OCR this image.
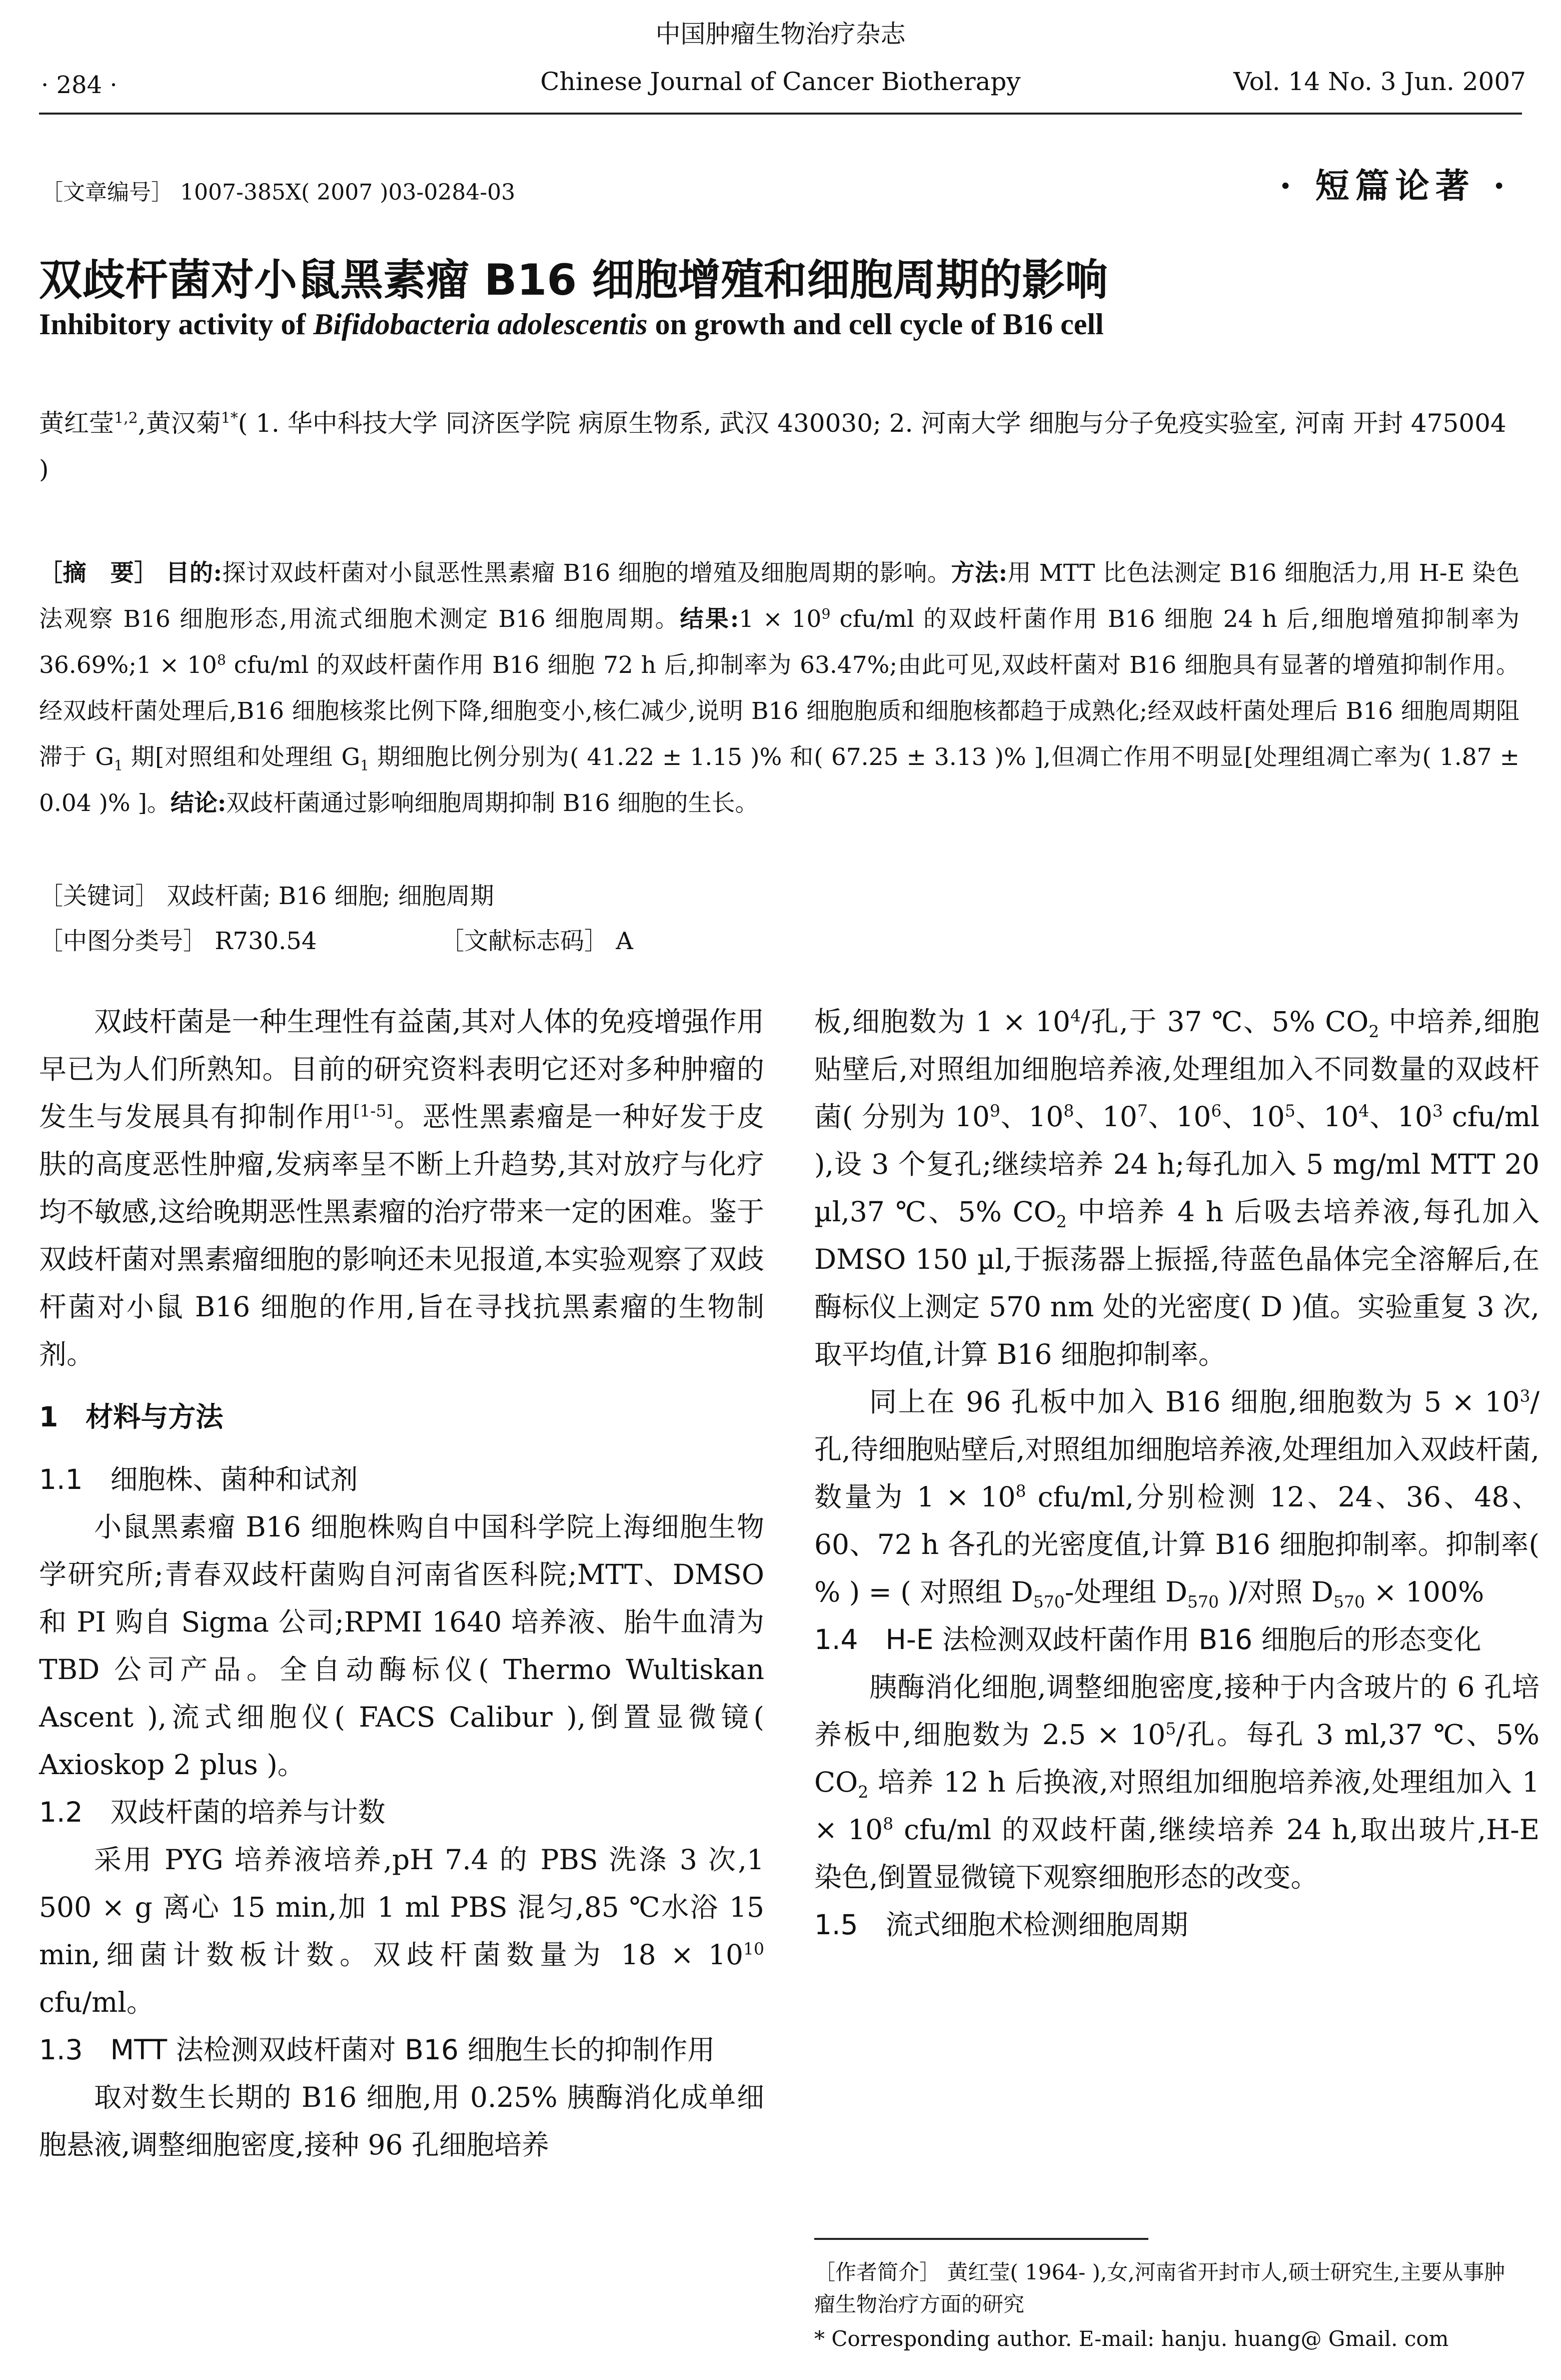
中国肿瘤生物治疗杂志
· 284 ·	Chinese Journal of Cancer Biotherapy	Vol. 14 No. 3 Jun. 2007
［文章编号］ 1007-385X( 2007 )03-0284-03	· 短篇论著 ·
双歧杆菌对小鼠黑素瘤 B16 细胞增殖和细胞周期的影响
Inhibitory activity of Bifidobacteria adolescentis on growth and cell cycle of B16 cell
黄红莹$^{1,2}$,黄汉菊$^{1*}$( 1. 华中科技大学 同济医学院 病原生物系, 武汉 430030; 2. 河南大学 细胞与分子免疫实验室, 河南 开封 475004 )
［摘　要］ 目的:探讨双歧杆菌对小鼠恶性黑素瘤 B16 细胞的增殖及细胞周期的影响。方法:用 MTT 比色法测定 B16 细胞活力,用 H-E 染色法观察 B16 细胞形态,用流式细胞术测定 B16 细胞周期。结果:1 × $10^9$ cfu/ml 的双歧杆菌作用 B16 细胞 24 h 后,细胞增殖抑制率为 36.69%;1 × $10^8$ cfu/ml 的双歧杆菌作用 B16 细胞 72 h 后,抑制率为 63.47%;由此可见,双歧杆菌对 B16 细胞具有显著的增殖抑制作用。经双歧杆菌处理后,B16 细胞核浆比例下降,细胞变小,核仁减少,说明 B16 细胞胞质和细胞核都趋于成熟化;经双歧杆菌处理后 B16 细胞周期阻滞于 $G_1$ 期[对照组和处理组 $G_1$ 期细胞比例分别为( 41.22 ± 1.15 )% 和( 67.25 ± 3.13 )% ],但凋亡作用不明显[处理组凋亡率为( 1.87 ± 0.04 )% ]。结论:双歧杆菌通过影响细胞周期抑制 B16 细胞的生长。
［关键词］ 双歧杆菌; B16 细胞; 细胞周期
［中图分类号］ R730.54	［文献标志码］ A

双歧杆菌是一种生理性有益菌,其对人体的免疫增强作用早已为人们所熟知。目前的研究资料表明它还对多种肿瘤的发生与发展具有抑制作用[1-5]。恶性黑素瘤是一种好发于皮肤的高度恶性肿瘤,发病率呈不断上升趋势,其对放疗与化疗均不敏感,这给晚期恶性黑素瘤的治疗带来一定的困难。鉴于双歧杆菌对黑素瘤细胞的影响还未见报道,本实验观察了双歧杆菌对小鼠 B16 细胞的作用,旨在寻找抗黑素瘤的生物制剂。

1　材料与方法

1.1　细胞株、菌种和试剂

小鼠黑素瘤 B16 细胞株购自中国科学院上海细胞生物学研究所;青春双歧杆菌购自河南省医科院;MTT、DMSO 和 PI 购自 Sigma 公司;RPMI 1640 培养液、胎牛血清为 TBD 公司产品。全自动酶标仪( Thermo Wultiskan Ascent ),流式细胞仪( FACS Calibur ),倒置显微镜( Axioskop 2 plus )。

1.2　双歧杆菌的培养与计数

采用 PYG 培养液培养,pH 7.4 的 PBS 洗涤 3 次,1 500 × g 离心 15 min,加 1 ml PBS 混匀,85 ℃水浴 15 min,细菌计数板计数。双歧杆菌数量为 $18 \times 10^{10}$ cfu/ml。

1.3　MTT 法检测双歧杆菌对 B16 细胞生长的抑制作用

取对数生长期的 B16 细胞,用 0.25% 胰酶消化成单细胞悬液,调整细胞密度,接种 96 孔细胞培养

板,细胞数为 $1 \times 10^4/$孔,于 37 ℃、5% $CO_2$ 中培养,细胞贴壁后,对照组加细胞培养液,处理组加入不同数量的双歧杆菌( 分别为 $10^9$、$10^8$、$10^7$、$10^6$、$10^5$、$10^4$、$10^3$ cfu/ml ),设 3 个复孔;继续培养 24 h;每孔加入 5 mg/ml MTT 20 µl,37 ℃、5% $CO_2$ 中培养 4 h 后吸去培养液,每孔加入 DMSO 150 µl,于振荡器上振摇,待蓝色晶体完全溶解后,在酶标仪上测定 570 nm 处的光密度( D )值。实验重复 3 次,取平均值,计算 B16 细胞抑制率。

同上在 96 孔板中加入 B16 细胞,细胞数为 $5 \times 10^3/$孔,待细胞贴壁后,对照组加细胞培养液,处理组加入双歧杆菌,数量为 $1 \times 10^8$ cfu/ml,分别检测 12、24、36、48、60、72 h 各孔的光密度值,计算 B16 细胞抑制率。抑制率( % ) = ( 对照组 $D_{570}-$处理组 $D_{570}$ )/对照 $D_{570} \times 100\%$

1.4　H-E 法检测双歧杆菌作用 B16 细胞后的形态变化

胰酶消化细胞,调整细胞密度,接种于内含玻片的 6 孔培养板中,细胞数为 $2.5 \times 10^5/$孔。每孔 3 ml,37 ℃、5% $CO_2$ 培养 12 h 后换液,对照组加细胞培养液,处理组加入 $1 \times 10^8$ cfu/ml 的双歧杆菌,继续培养 24 h,取出玻片,H-E 染色,倒置显微镜下观察细胞形态的改变。

1.5　流式细胞术检测细胞周期

［作者简介］ 黄红莹( 1964- ),女,河南省开封市人,硕士研究生,主要从事肿瘤生物治疗方面的研究
* Corresponding author. E-mail: hanju. huang@ Gmail. com
